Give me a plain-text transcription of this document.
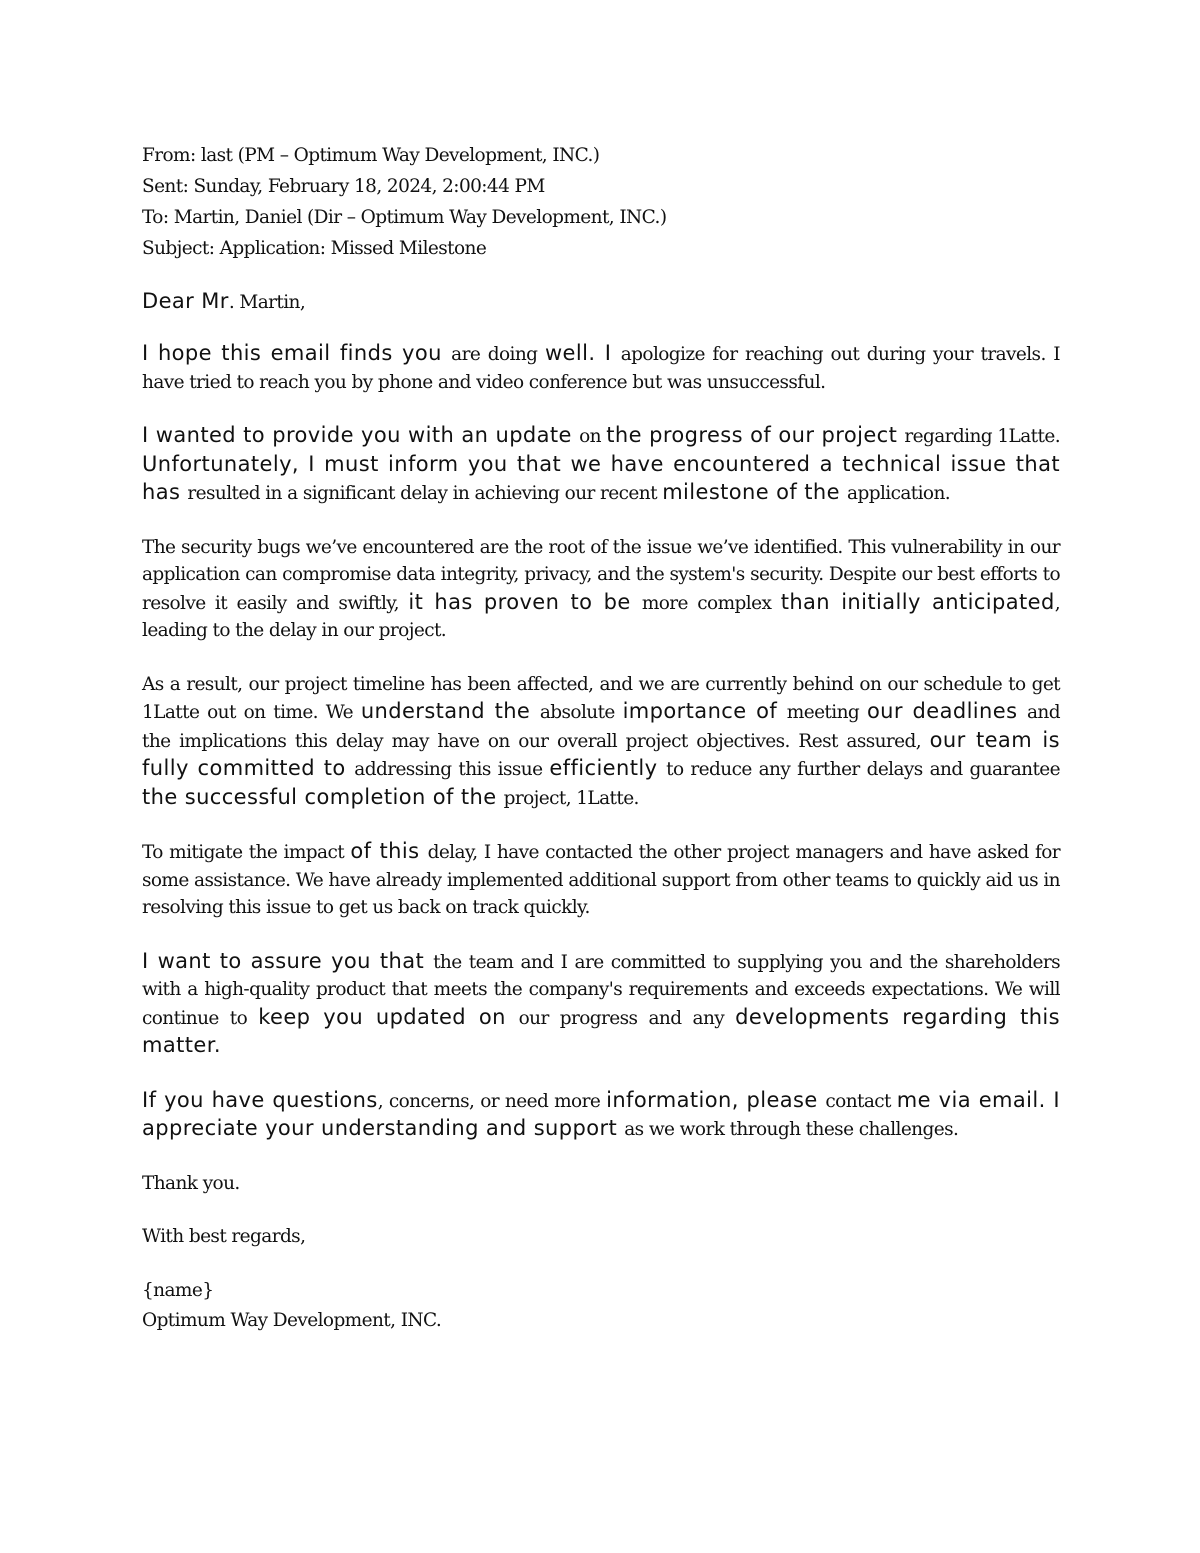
From: last (PM – Optimum Way Development, INC.)

Sent: Sunday, February 18, 2024, 2:00:44 PM

To: Martin, Daniel (Dir – Optimum Way Development, INC.)

Subject: Application: Missed Milestone

Dear Mr. Martin,

I hope this email finds you are doing well. I apologize for reaching out during your travels. I have tried to reach you by phone and video conference but was unsuccessful.

I wanted to provide you with an update on the progress of our project regarding 1Latte. Unfortunately, I must inform you that we have encountered a technical issue that has resulted in a significant delay in achieving our recent milestone of the application.

The security bugs we’ve encountered are the root of the issue we’ve identified. This vulnerability in our application can compromise data integrity, privacy, and the system's security. Despite our best efforts to resolve it easily and swiftly, it has proven to be more complex than initially anticipated, leading to the delay in our project.

As a result, our project timeline has been affected, and we are currently behind on our schedule to get 1Latte out on time. We understand the absolute importance of meeting our deadlines and the implications this delay may have on our overall project objectives. Rest assured, our team is fully committed to addressing this issue efficiently to reduce any further delays and guarantee the successful completion of the project, 1Latte.

To mitigate the impact of this delay, I have contacted the other project managers and have asked for some assistance. We have already implemented additional support from other teams to quickly aid us in resolving this issue to get us back on track quickly.

I want to assure you that the team and I are committed to supplying you and the shareholders with a high-quality product that meets the company's requirements and exceeds expectations. We will continue to keep you updated on our progress and any developments regarding this matter.

If you have questions, concerns, or need more information, please contact me via email. I appreciate your understanding and support as we work through these challenges.

Thank you.

With best regards,

{name}

Optimum Way Development, INC.
